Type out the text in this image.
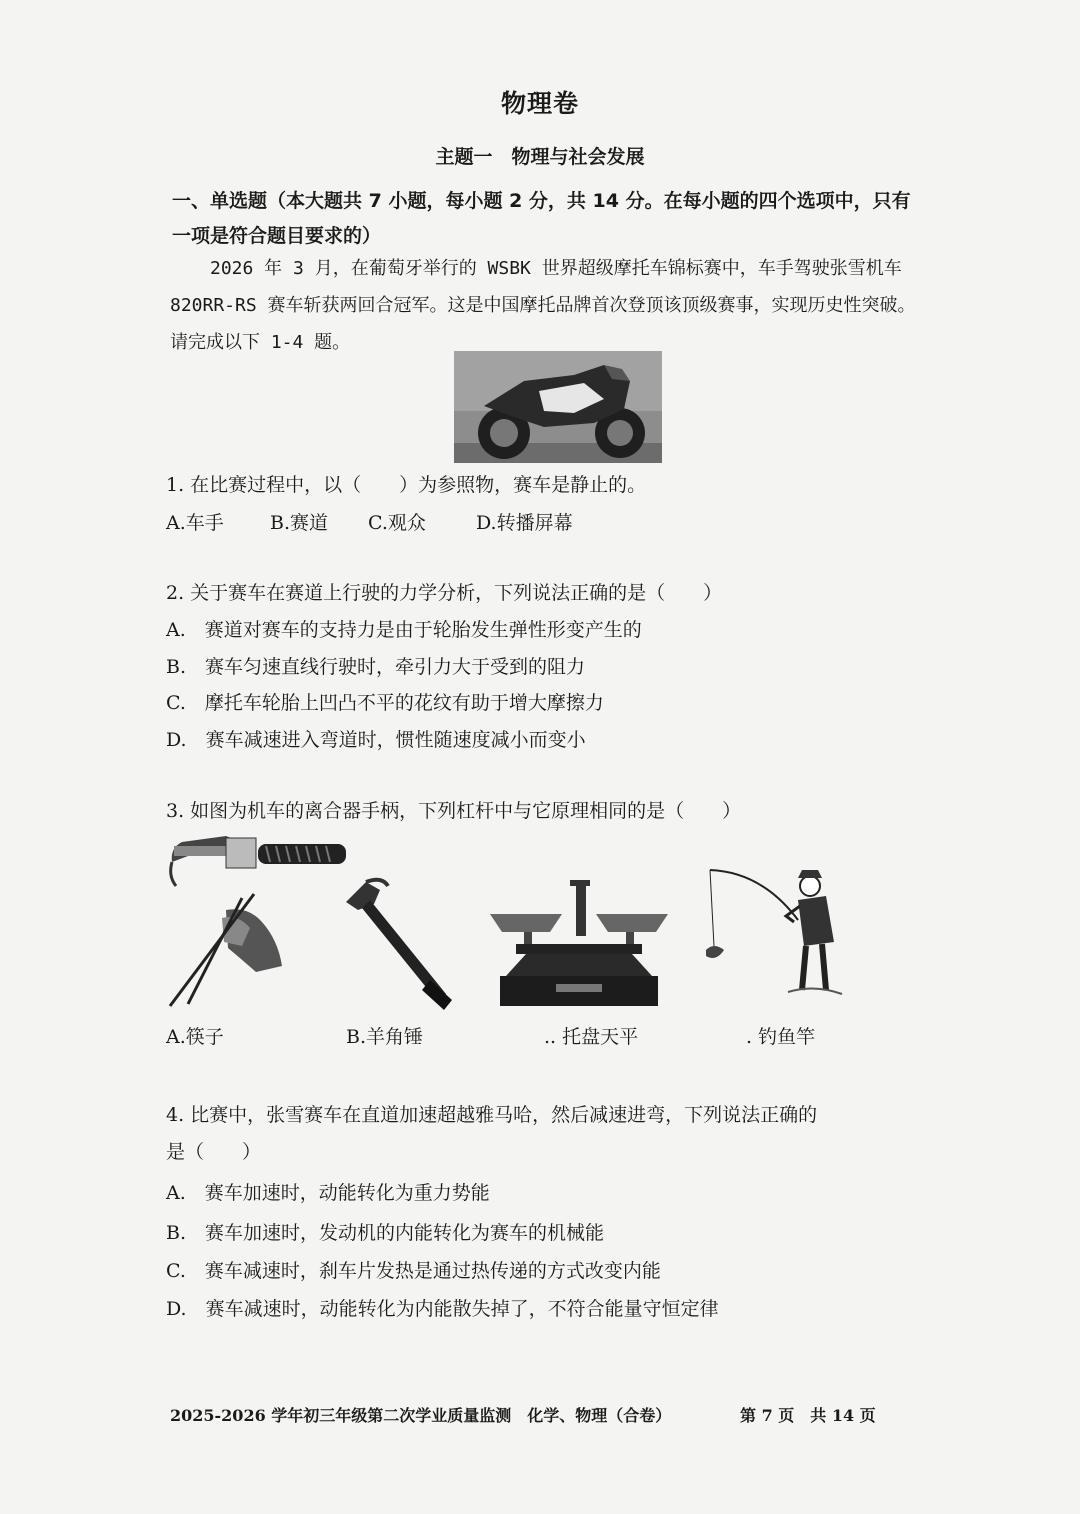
物理卷
主题一　物理与社会发展
一、单选题（本大题共 7 小题，每小题 2 分，共 14 分。在每小题的四个选项中，只有一项是符合题目要求的）
2026 年 3 月，在葡萄牙举行的 WSBK 世界超级摩托车锦标赛中，车手驾驶张雪机车 820RR-RS 赛车斩获两回合冠军。这是中国摩托品牌首次登顶该顶级赛事，实现历史性突破。请完成以下 1-4 题。
1. 在比赛过程中，以（　　）为参照物，赛车是静止的。
A.车手 B.赛道 C.观众	D.转播屏幕
2. 关于赛车在赛道上行驶的力学分析，下列说法正确的是（　　）
A.　赛道对赛车的支持力是由于轮胎发生弹性形变产生的
B.　赛车匀速直线行驶时，牵引力大于受到的阻力
C.　摩托车轮胎上凹凸不平的花纹有助于增大摩擦力
D.　赛车减速进入弯道时，惯性随速度减小而变小
3. 如图为机车的离合器手柄，下列杠杆中与它原理相同的是（　　）
A.筷子	B.羊角锤	.. 托盘天平	. 钓鱼竿
4. 比赛中，张雪赛车在直道加速超越雅马哈，然后减速进弯，下列说法正确的
是（　　）
A.　赛车加速时，动能转化为重力势能
B.　赛车加速时，发动机的内能转化为赛车的机械能
C.　赛车减速时，刹车片发热是通过热传递的方式改变内能
D.　赛车减速时，动能转化为内能散失掉了，不符合能量守恒定律
2025-2026 学年初三年级第二次学业质量监测　化学、物理（合卷）	第 7 页　共 14 页
